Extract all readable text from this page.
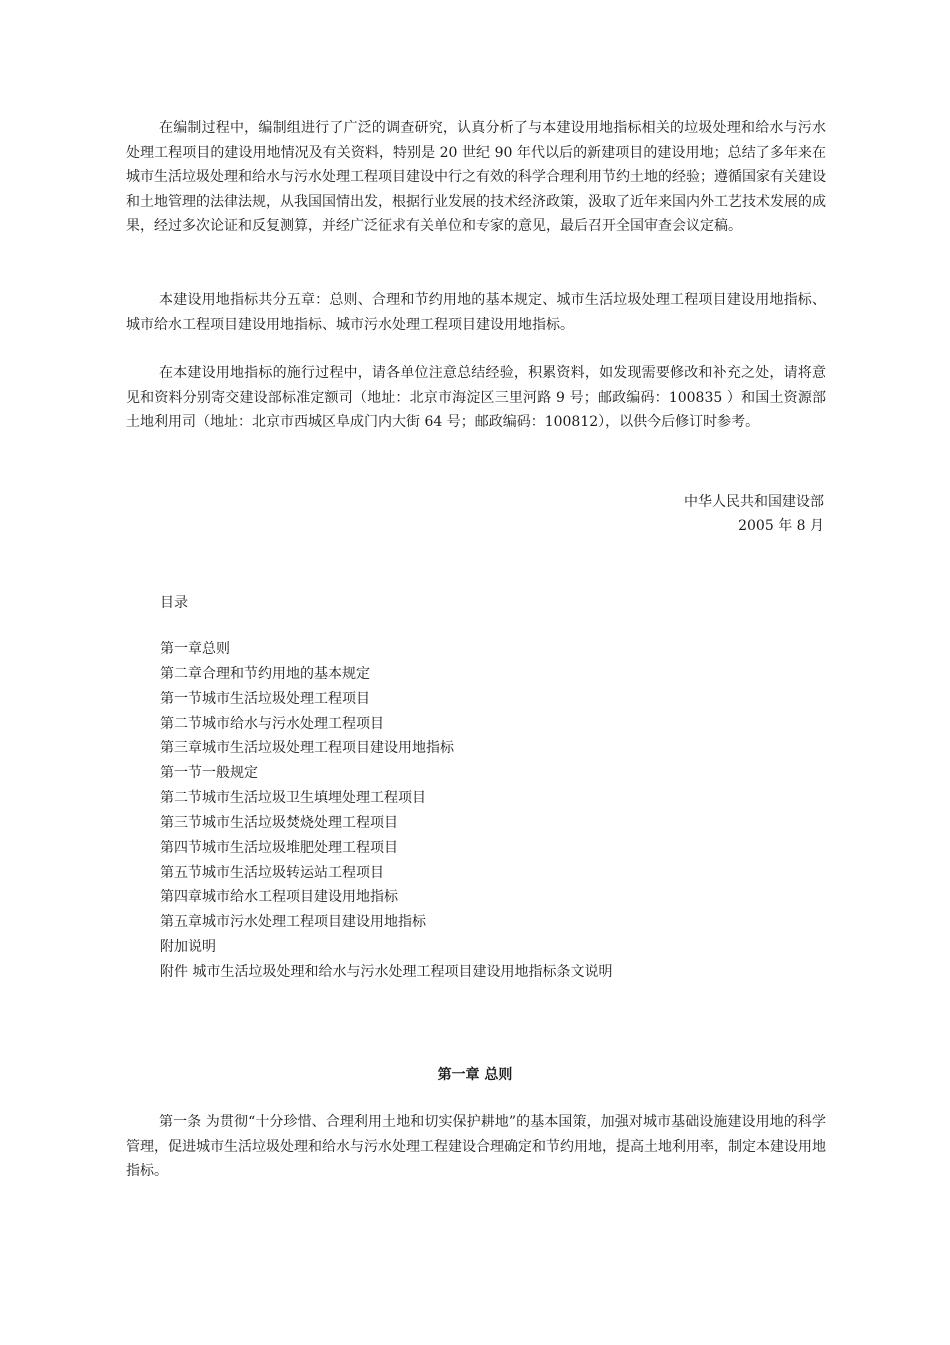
在编制过程中，编制组进行了广泛的调查研究，认真分析了与本建设用地指标相关的垃圾处理和给水与污水处理工程项目的建设用地情况及有关资料，特别是 20 世纪 90 年代以后的新建项目的建设用地；总结了多年来在城市生活垃圾处理和给水与污水处理工程项目建设中行之有效的科学合理利用节约土地的经验；遵循国家有关建设和土地管理的法律法规，从我国国情出发，根据行业发展的技术经济政策，汲取了近年来国内外工艺技术发展的成果，经过多次论证和反复测算，并经广泛征求有关单位和专家的意见，最后召开全国审查会议定稿。

本建设用地指标共分五章：总则、合理和节约用地的基本规定、城市生活垃圾处理工程项目建设用地指标、城市给水工程项目建设用地指标、城市污水处理工程项目建设用地指标。

在本建设用地指标的施行过程中，请各单位注意总结经验，积累资料，如发现需要修改和补充之处，请将意见和资料分别寄交建设部标准定额司（地址：北京市海淀区三里河路 9 号；邮政编码：100835 ）和国土资源部土地利用司（地址：北京市西城区阜成门内大街 64 号；邮政编码：100812），以供今后修订时参考。

中华人民共和国建设部

2005 年 8 月

目录

第一章总则
第二章合理和节约用地的基本规定
第一节城市生活垃圾处理工程项目
第二节城市给水与污水处理工程项目
第三章城市生活垃圾处理工程项目建设用地指标
第一节一般规定
第二节城市生活垃圾卫生填埋处理工程项目
第三节城市生活垃圾焚烧处理工程项目
第四节城市生活垃圾堆肥处理工程项目
第五节城市生活垃圾转运站工程项目
第四章城市给水工程项目建设用地指标
第五章城市污水处理工程项目建设用地指标
附加说明
附件 城市生活垃圾处理和给水与污水处理工程项目建设用地指标条文说明
第一章 总则

第一条 为贯彻“十分珍惜、合理利用土地和切实保护耕地”的基本国策，加强对城市基础设施建设用地的科学管理，促进城市生活垃圾处理和给水与污水处理工程建设合理确定和节约用地，提高土地利用率，制定本建设用地指标。
